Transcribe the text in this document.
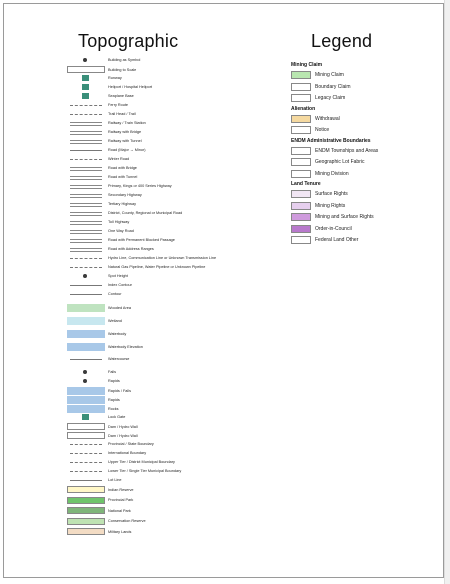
Topographic	Legend
Building as Symbol
Building to Scale
Runway
Heliport / Hospital Heliport
Seaplane Base
Ferry Route
Trail Head / Trail
Railway / Train Station
Railway with Bridge
Railway with Tunnel
Road (Major → Minor)
Winter Road
Road with Bridge
Road with Tunnel
Primary, Kings or 400 Series Highway
Secondary Highway
Tertiary Highway
District, County, Regional or Municipal Road
Toll Highway
One Way Road
Road with Permanent Blocked Passage
Road with Address Ranges
Hydro Line, Communication Line or Unknown Transmission Line
Natural Gas Pipeline, Water Pipeline or Unknown Pipeline
Spot Height
Index Contour
Contour
Wooded Area
Wetland
Waterbody
Waterbody Elevation
Watercourse
Falls
Rapids
Rapids / Falls
Rapids
Rocks
Lock Gate
Dam / Hydro Wall
Dam / Hydro Wall
Provincial / State Boundary
International Boundary
Upper Tier / District Municipal Boundary
Lower Tier / Single Tier Municipal Boundary
Lot Line
Indian Reserve
Provincial Park
National Park
Conservation Reserve
Military Lands
Mining Claim
Mining Claim
Boundary Claim
Legacy Claim
Alienation
Withdrawal
Notice
ENDM Administrative Boundaries
ENDM Townships and Areas
Geographic Lot Fabric
Mining Division
Land Tenure
Surface Rights
Mining Rights
Mining and Surface Rights
Order-in-Council
Federal Land Other
